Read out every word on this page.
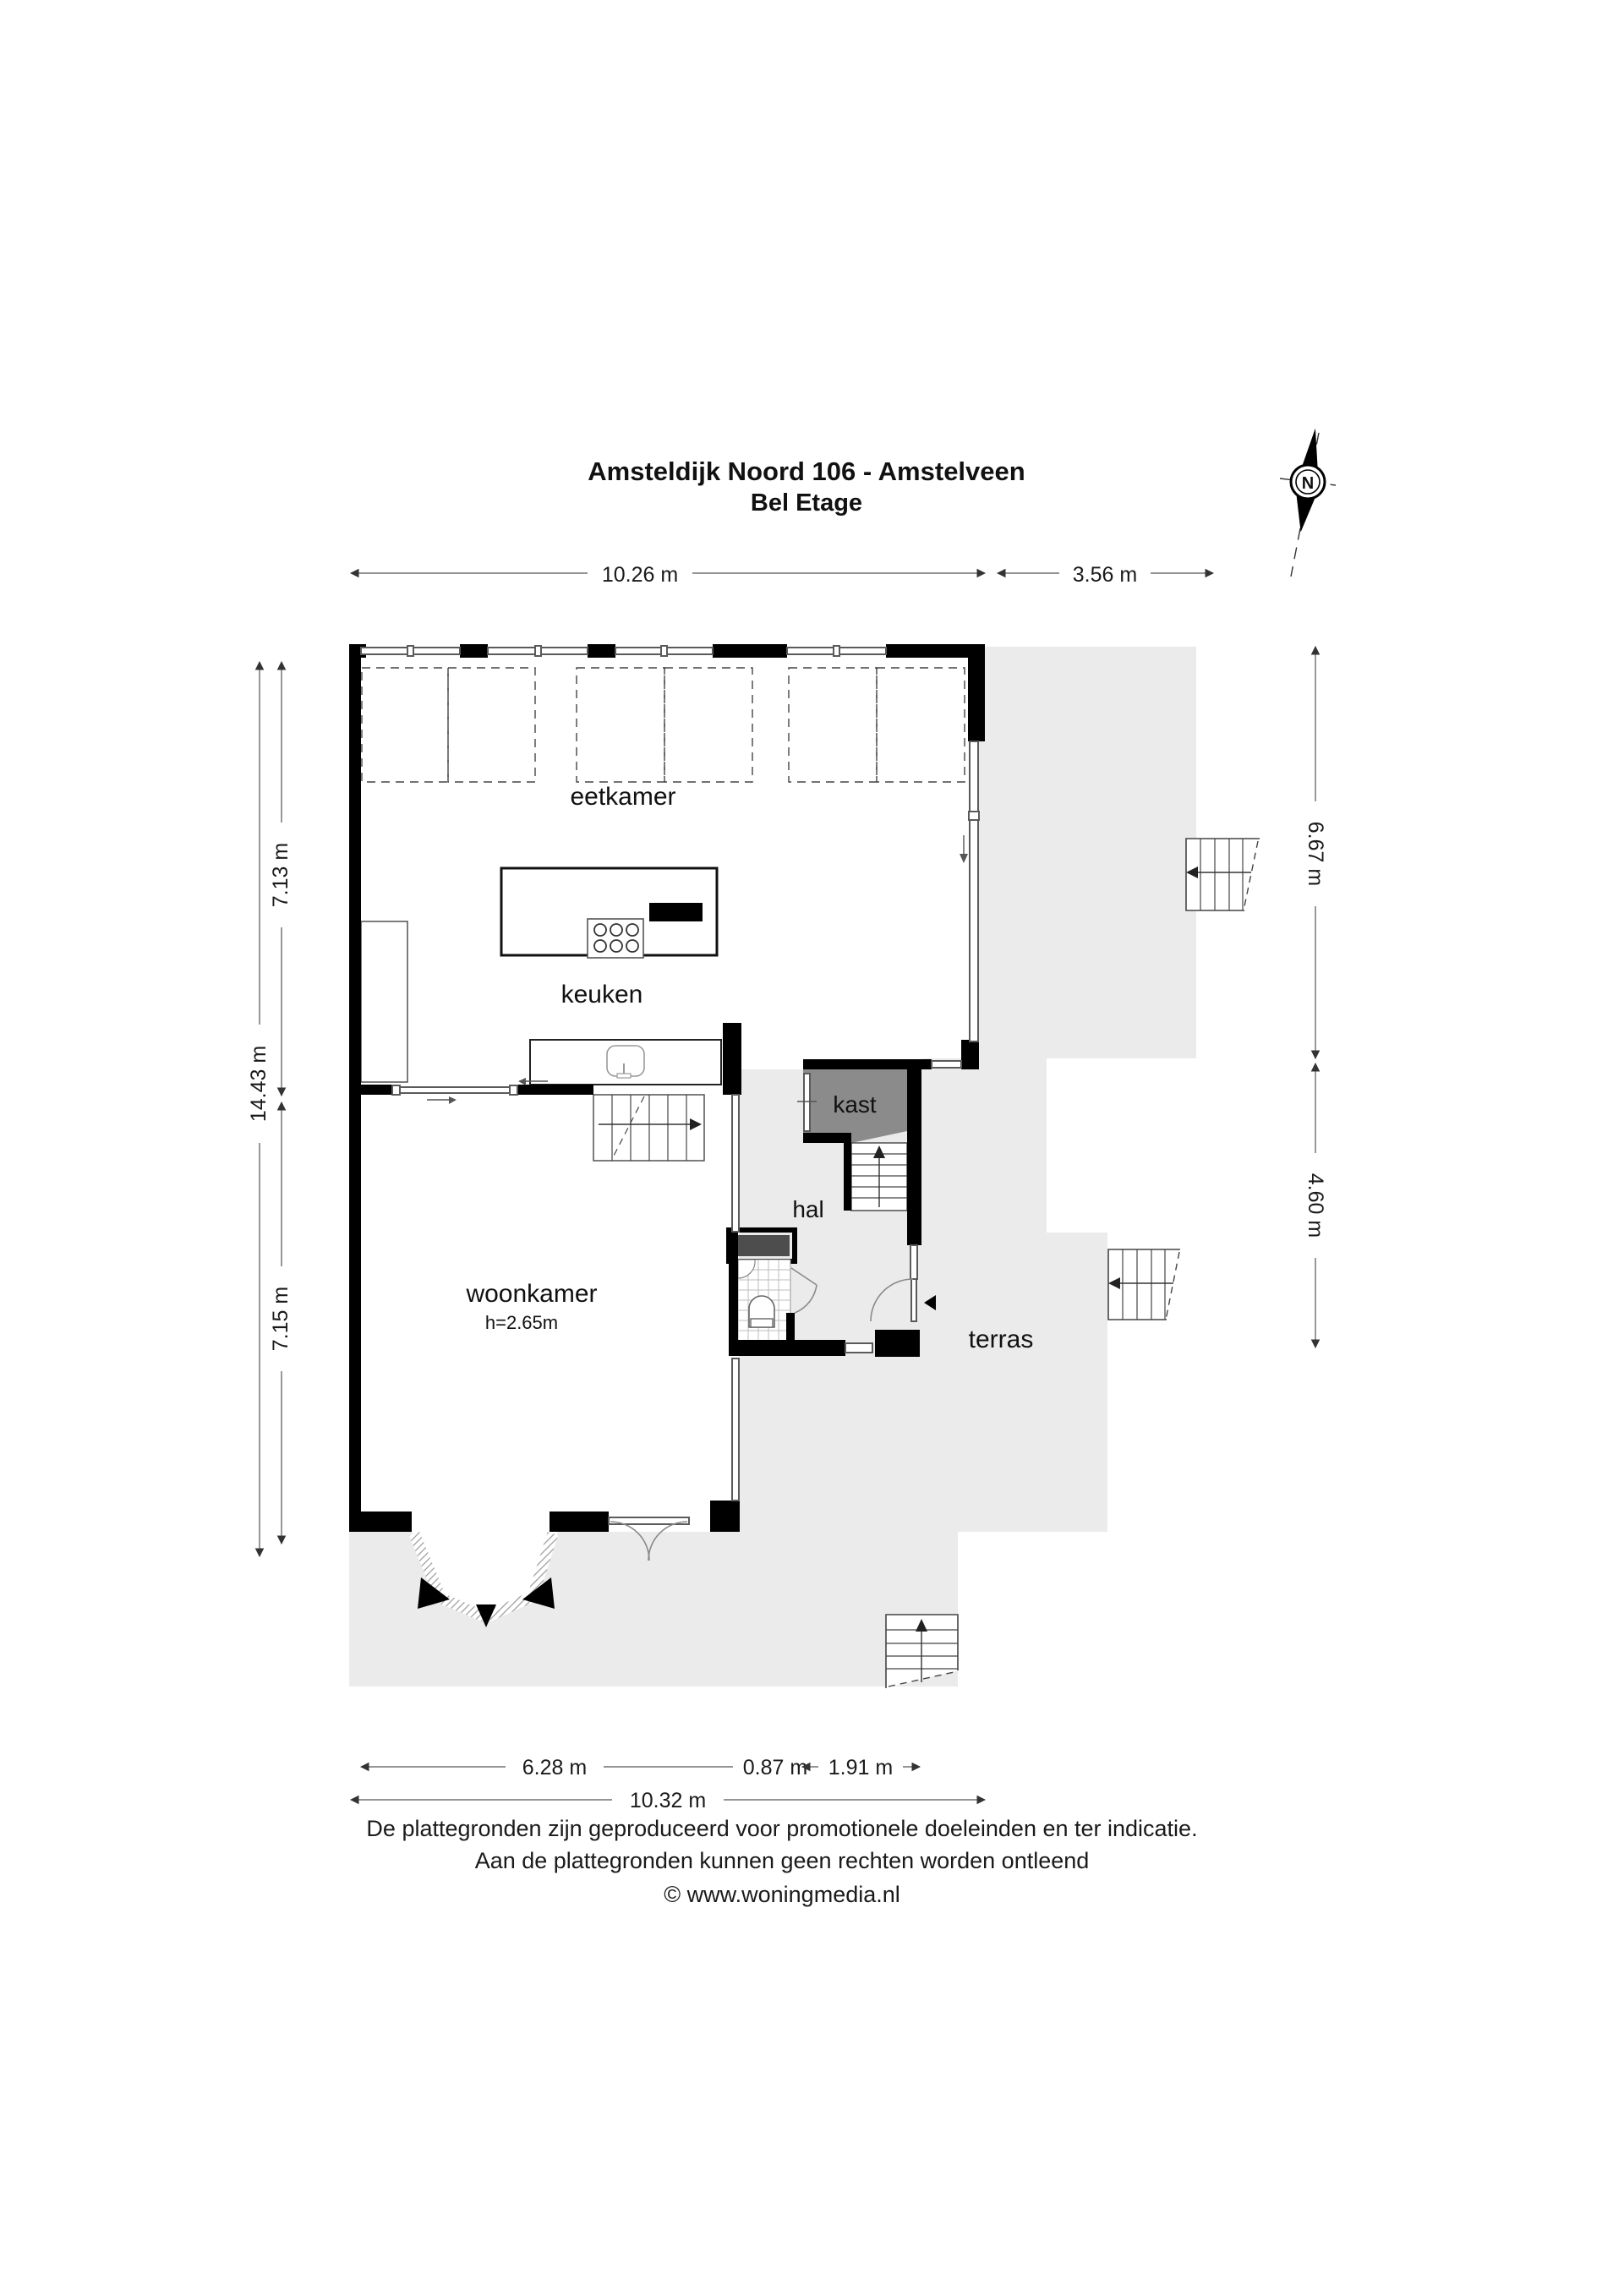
Amsteldijk Noord 106 - Amstelveen
Bel Etage
N
eetkamer
keuken
kast
hal
woonkamer
h=2.65m
terras
10.26 m	3.56 m
14.43 m
7.13 m
7.15 m
6.67 m
4.60 m
6.28 m	0.87 m 1.91 m
10.32 m
De plattegronden zijn geproduceerd voor promotionele doeleinden en ter indicatie.
Aan de plattegronden kunnen geen rechten worden ontleend
© www.woningmedia.nl
